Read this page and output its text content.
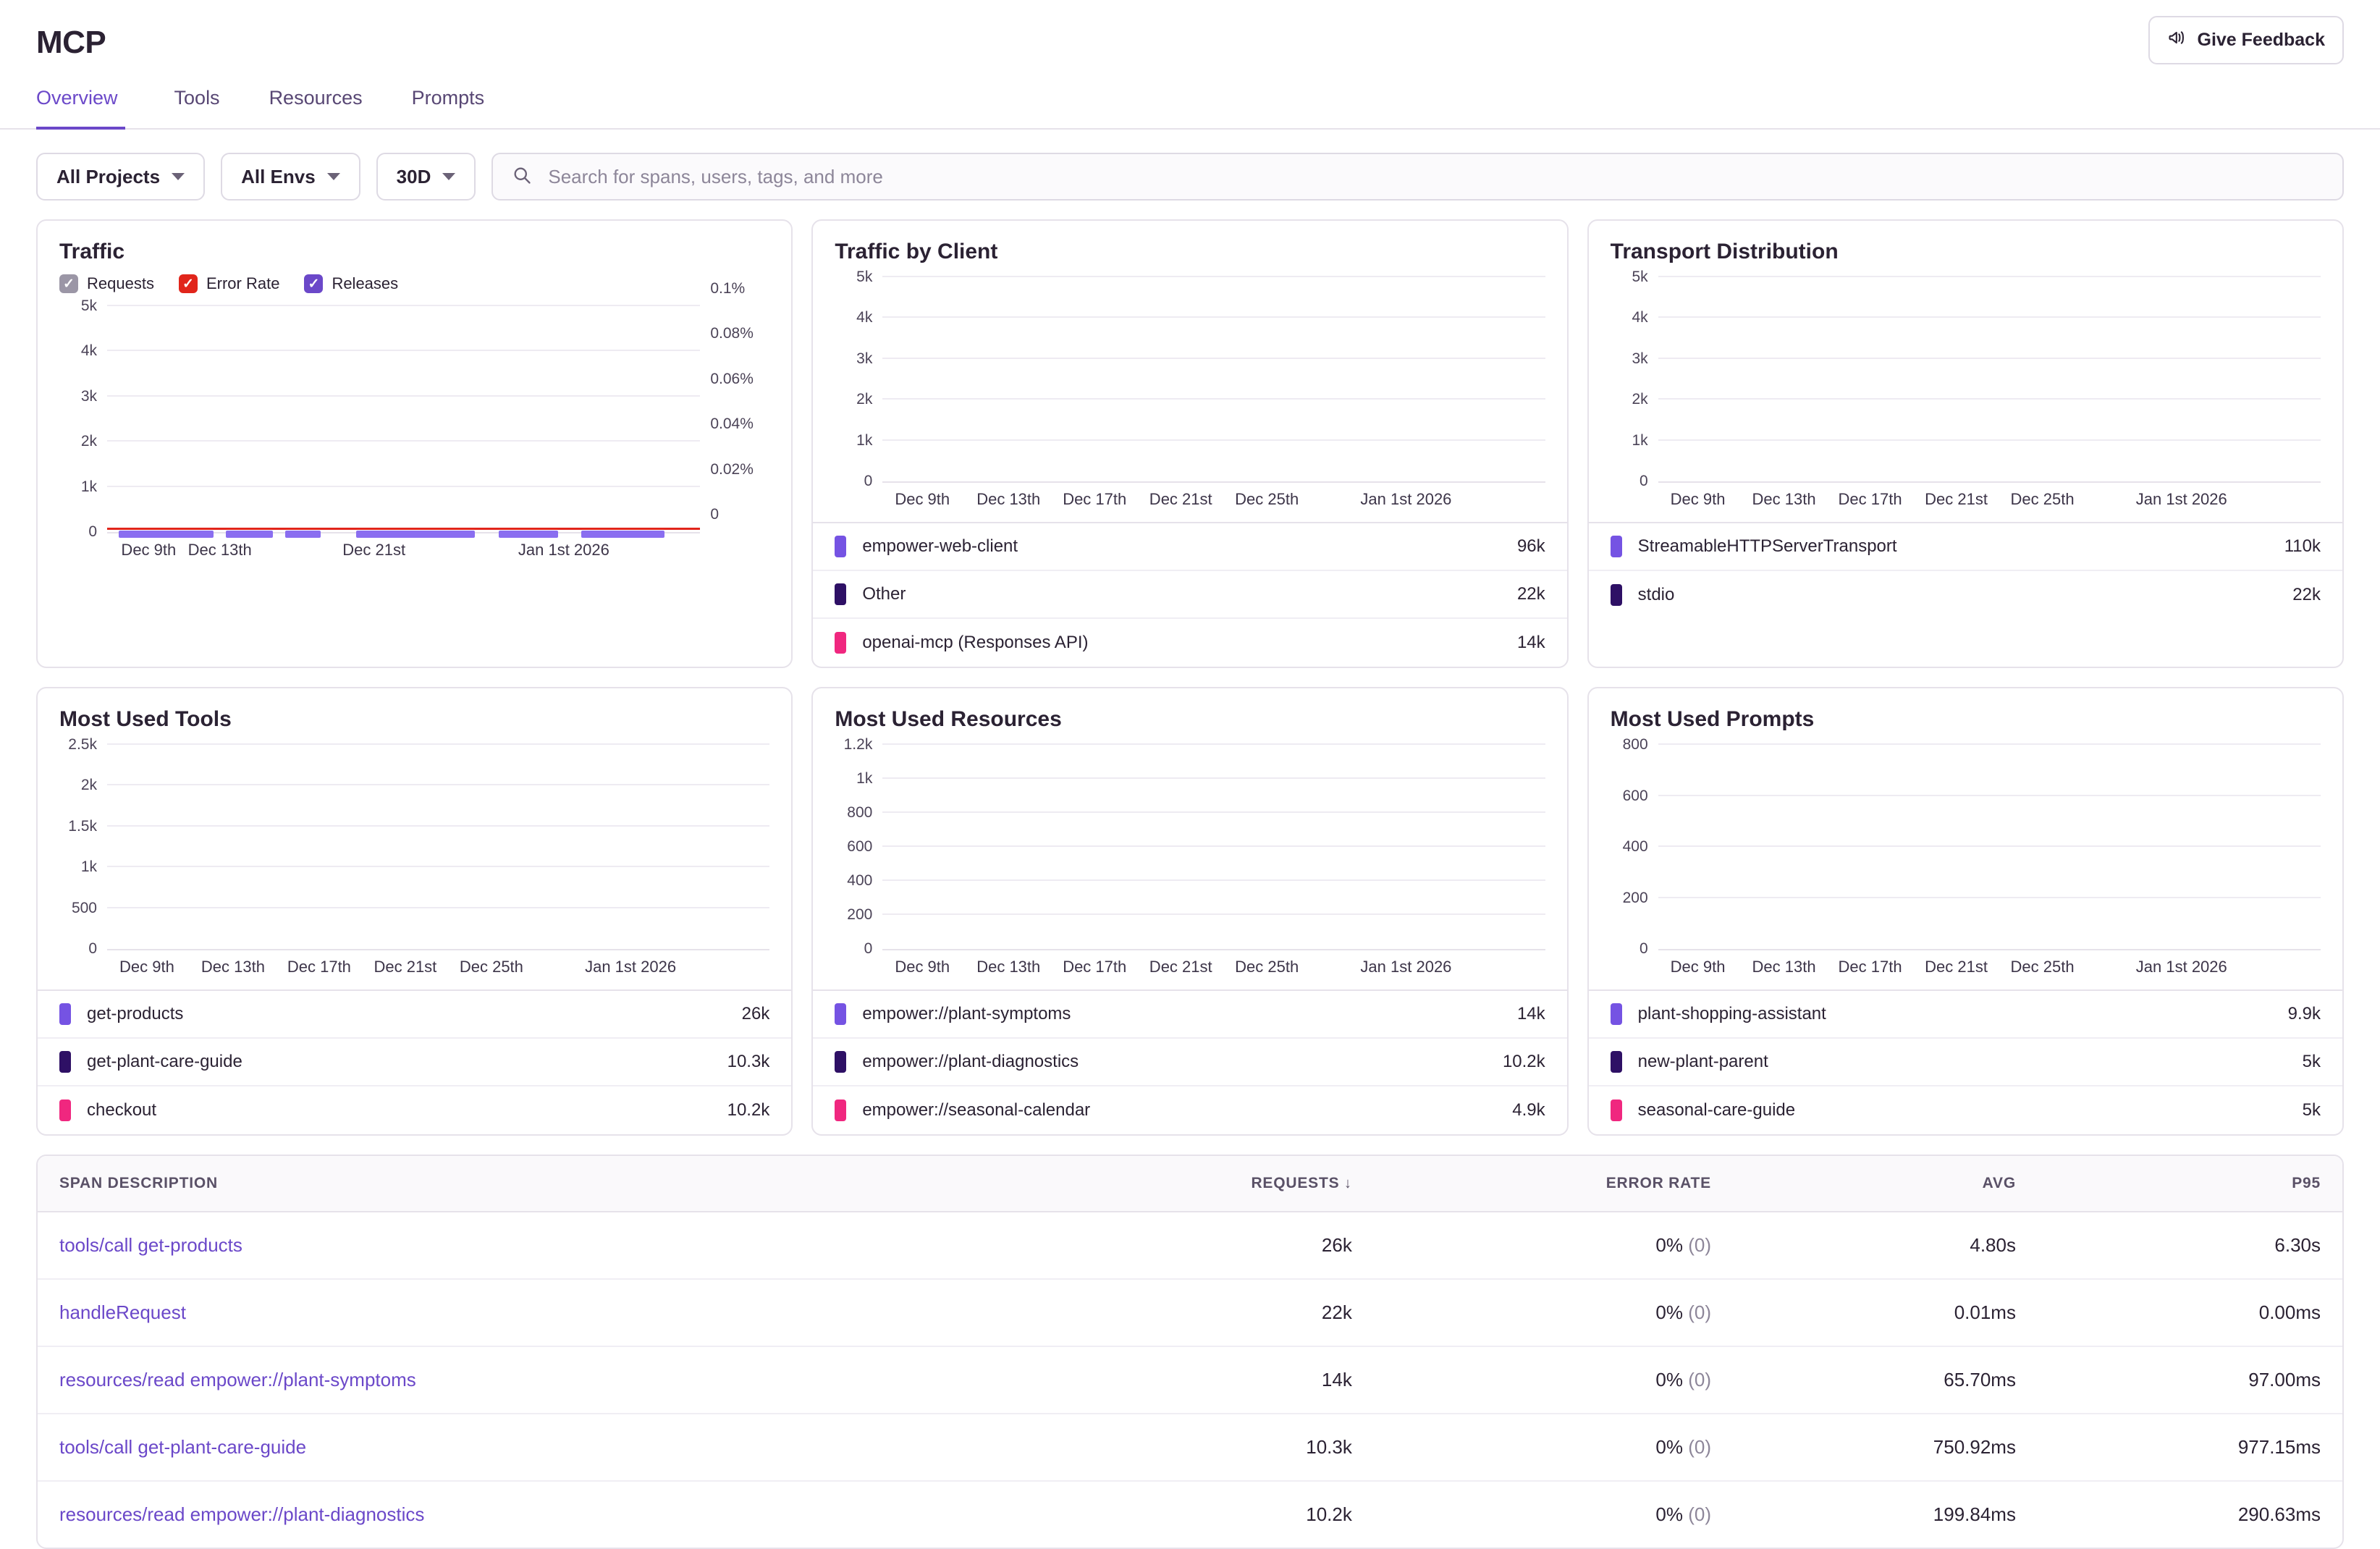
MCP	Give Feedback
Overview	Tools	Resources	Prompts
All Projects	All Envs	30D
Search for spans, users, tags, and more
Traffic
✓ Requests ✓ Error Rate ✓ Releases
0
1k
2k
3k
4k
5k
0
0.02%
0.04%
0.06%
0.08%
0.1%
Dec 9th Dec 13th	Dec 21st	Jan 1st 2026
Traffic by Client
0
1k
2k
3k
4k
5k
Dec 9th Dec 13th Dec 17th Dec 21st Dec 25th	Jan 1st 2026
empower-web-client	96k
Other	22k
openai-mcp (Responses API)	14k
Transport Distribution
0
1k
2k
3k
4k
5k
Dec 9th Dec 13th Dec 17th Dec 21st Dec 25th	Jan 1st 2026
StreamableHTTPServerTransport	110k
stdio	22k
Most Used Tools
0
500
1k
1.5k
2k
2.5k
Dec 9th Dec 13th Dec 17th Dec 21st Dec 25th	Jan 1st 2026
get-products	26k
get-plant-care-guide	10.3k
checkout	10.2k
Most Used Resources
0
200
400
600
800
1k
1.2k
Dec 9th Dec 13th Dec 17th Dec 21st Dec 25th	Jan 1st 2026
empower://plant-symptoms	14k
empower://plant-diagnostics	10.2k
empower://seasonal-calendar	4.9k
Most Used Prompts
0
200
400
600
800
Dec 9th Dec 13th Dec 17th Dec 21st Dec 25th	Jan 1st 2026
plant-shopping-assistant	9.9k
new-plant-parent	5k
seasonal-care-guide	5k
SPAN DESCRIPTION	REQUESTS ↓	ERROR RATE	AVG	P95
tools/call get-products	26k	0% (0)	4.80s	6.30s
handleRequest	22k	0% (0)	0.01ms	0.00ms
resources/read empower://plant-symptoms	14k	0% (0)	65.70ms	97.00ms
tools/call get-plant-care-guide	10.3k	0% (0)	750.92ms	977.15ms
resources/read empower://plant-diagnostics	10.2k	0% (0)	199.84ms	290.63ms
